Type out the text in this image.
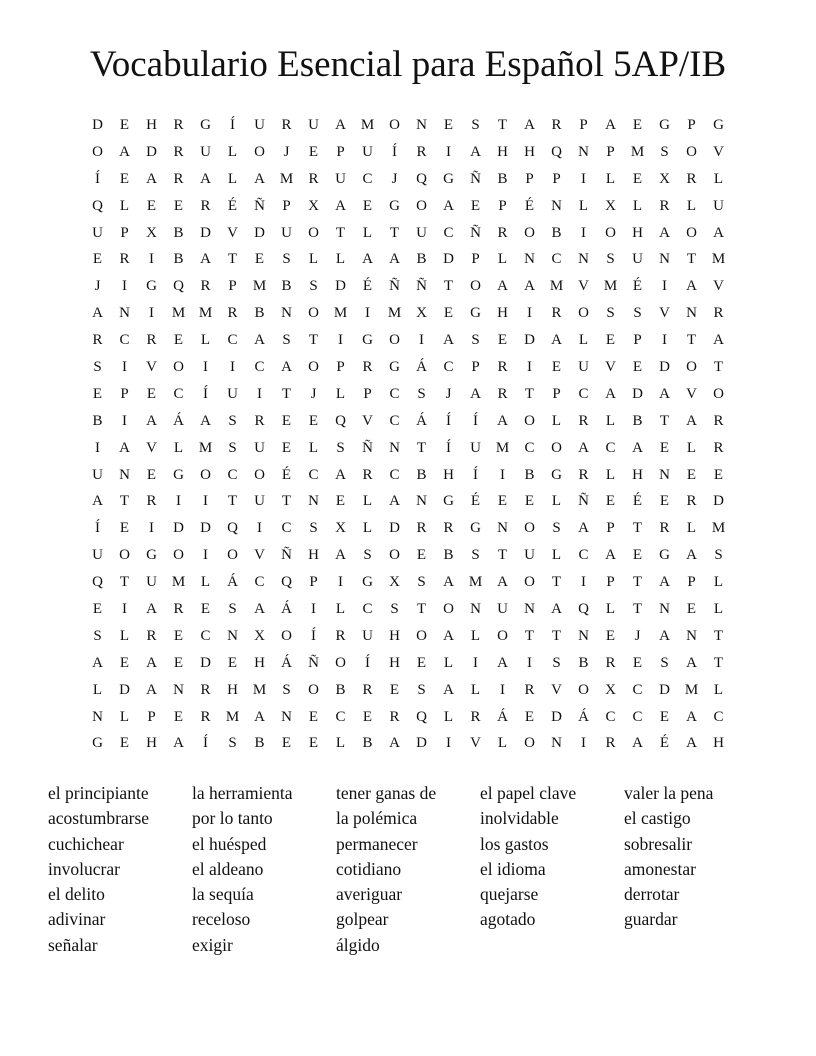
Vocabulario Esencial para Español 5AP/IB
D	E	H	R	G	Í	U	R	U	A M O	N	E	S	T	A	R	P	A	E	G	P	G
O	A	D	R	U	L	O	J	E	P	U	Í	R	I	A	H	H	Q	N	P	M	S	O	V
Í	E	A	R	A	L	A M	R	U	C	J	Q	G	Ñ	B	P	P	I	L	E	X	R	L
Q	L	E	E	R	É	Ñ	P	X	A	E	G	O	A	E	P	É	N	L	X	L	R	L	U
U	P	X	B	D	V	D	U	O	T	L	T	U	C	Ñ	R	O	B	I	O	H	A	O	A
E	R	I	B	A	T	E	S	L	L	A	A	B	D	P	L	N	C	N	S	U	N	T	M
J	I	G	Q	R	P	M	B	S	D	É	Ñ	Ñ	T	O	A	A M V M	É	I	A	V
A	N	I	M M	R	B	N	O M	I	M X	E	G	H	I	R	O	S	S	V	N	R
R	C	R	E	L	C	A	S	T	I	G	O	I	A	S	E	D	A	L	E	P	I	T	A
S	I	V	O	I	I	C	A	O	P	R	G	Á	C	P	R	I	E	U	V	E	D	O	T
E	P	E	C	Í	U	I	T	J	L	P	C	S	J	A	R	T	P	C	A	D	A	V	O
B	I	A	Á	A	S	R	E	E	Q	V	C	Á	Í	Í	A	O	L	R	L	B	T	A	R
I	A	V	L	M	S	U	E	L	S	Ñ	N	T	Í	U M	C	O	A	C	A	E	L	R
U	N	E	G	O	C	O	É	C	A	R	C	B	H	Í	I	B	G	R	L	H	N	E	E
A	T	R	I	I	T	U	T	N	E	L	A	N	G	É	E	E	L	Ñ	E	É	E	R	D
Í	E	I	D	D	Q	I	C	S	X	L	D	R	R	G	N	O	S	A	P	T	R	L	M
U	O	G	O	I	O	V	Ñ	H	A	S	O	E	B	S	T	U	L	C	A	E	G	A	S
Q	T	U M	L	Á	C	Q	P	I	G	X	S	A M A	O	T	I	P	T	A	P	L
E	I	A	R	E	S	A	Á	I	L	C	S	T	O	N	U	N	A	Q	L	T	N	E	L
S	L	R	E	C	N	X	O	Í	R	U	H	O	A	L	O	T	T	N	E	J	A	N	T
A	E	A	E	D	E	H	Á	Ñ	O	Í	H	E	L	I	A	I	S	B	R	E	S	A	T
L	D	A	N	R	H M	S	O	B	R	E	S	A	L	I	R	V	O	X	C	D M	L
N	L	P	E	R	M A	N	E	C	E	R	Q	L	R	Á	E	D	Á	C	C	E	A	C
G	E	H	A	Í	S	B	E	E	L	B	A	D	I	V	L	O	N	I	R	A	É	A	H
el principiante
acostumbrarse
cuchichear
involucrar
el delito
adivinar
señalar
la herramienta
por lo tanto
el huésped
el aldeano
la sequía
receloso
exigir
tener ganas de
la polémica
permanecer
cotidiano
averiguar
golpear
álgido
el papel clave
inolvidable
los gastos
el idioma
quejarse
agotado
valer la pena
el castigo
sobresalir
amonestar
derrotar
guardar
